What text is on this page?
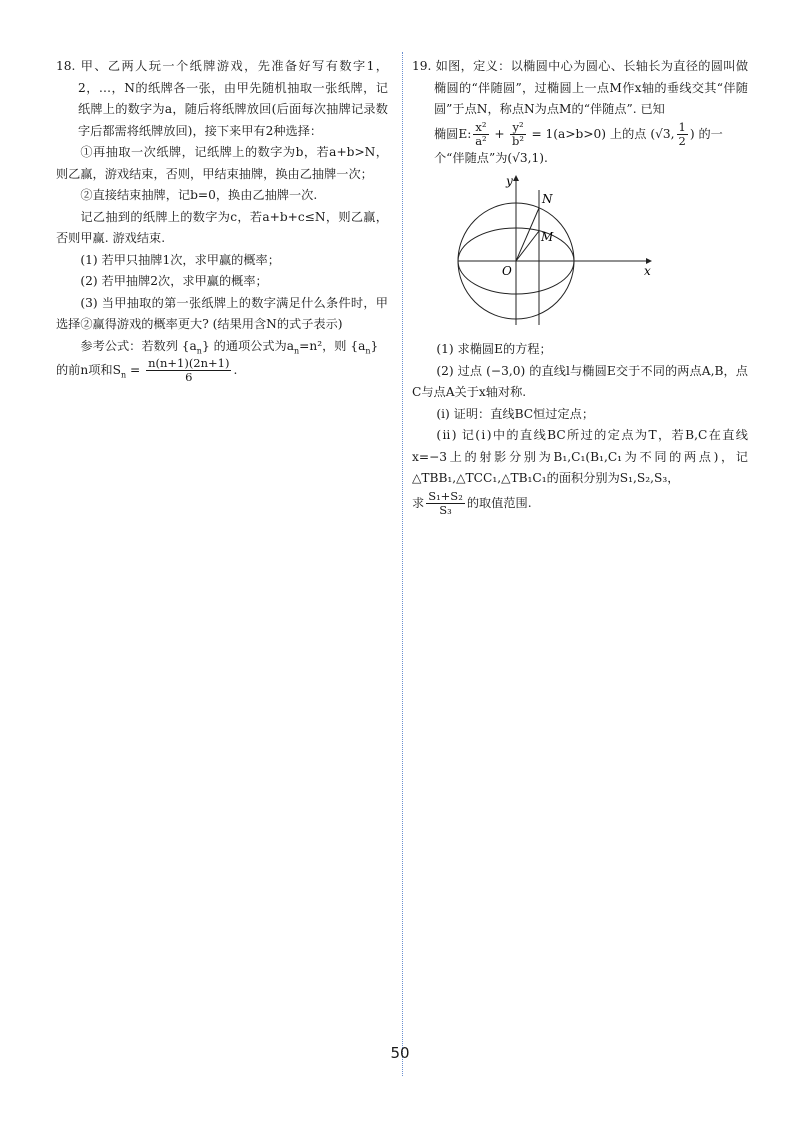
18. 甲、乙两人玩一个纸牌游戏，先准备好写有数字1，2，…，N的纸牌各一张，由甲先随机抽取一张纸牌，记纸牌上的数字为a，随后将纸牌放回(后面每次抽牌记录数字后都需将纸牌放回)，接下来甲有2种选择：

①再抽取一次纸牌，记纸牌上的数字为b，若a+b>N，则乙赢，游戏结束，否则，甲结束抽牌，换由乙抽牌一次；

②直接结束抽牌，记b=0，换由乙抽牌一次.

记乙抽到的纸牌上的数字为c，若a+b+c≤N，则乙赢，否则甲赢. 游戏结束.

(1) 若甲只抽牌1次，求甲赢的概率；

(2) 若甲抽牌2次，求甲赢的概率；

(3) 当甲抽取的第一张纸牌上的数字满足什么条件时，甲选择②赢得游戏的概率更大? (结果用含N的式子表示)

参考公式：若数列 $\{a_n\}$ 的通项公式为$a_n=n^2$，则 $\{a_n\}$

的前n项和$S_n = \frac{n(n+1)(2n+1)}{6}$ .

19. 如图，定义：以椭圆中心为圆心、长轴长为直径的圆叫做椭圆的“伴随圆”，过椭圆上一点M作x轴的垂线交其“伴随圆”于点N，称点N为点M的“伴随点”. 已知

椭圆E: $\frac{\text{x²}}{\text{a²}} + \frac{\text{y²}}{\text{b²}} = 1(a>b>0)$ 上的点 (√3, $\frac{1}{2}$ ) 的一

个“伴随点”为(√3,1).

y
x
O
N
M

(1) 求椭圆E的方程；

(2) 过点 (−3,0) 的直线l与椭圆E交于不同的两点A,B，点C与点A关于x轴对称.

(ⅰ) 证明：直线BC恒过定点；

(ⅱ) 记(ⅰ)中的直线BC所过的定点为T，若B,C在直线x=−3上的射影分别为B₁,C₁(B₁,C₁为不同的两点)，记△TBB₁,△TCC₁,△TB₁C₁的面积分别为S₁,S₂,S₃，

求 $\frac{\text{S₁+S₂}}{\text{S₃}}$ 的取值范围.

50
